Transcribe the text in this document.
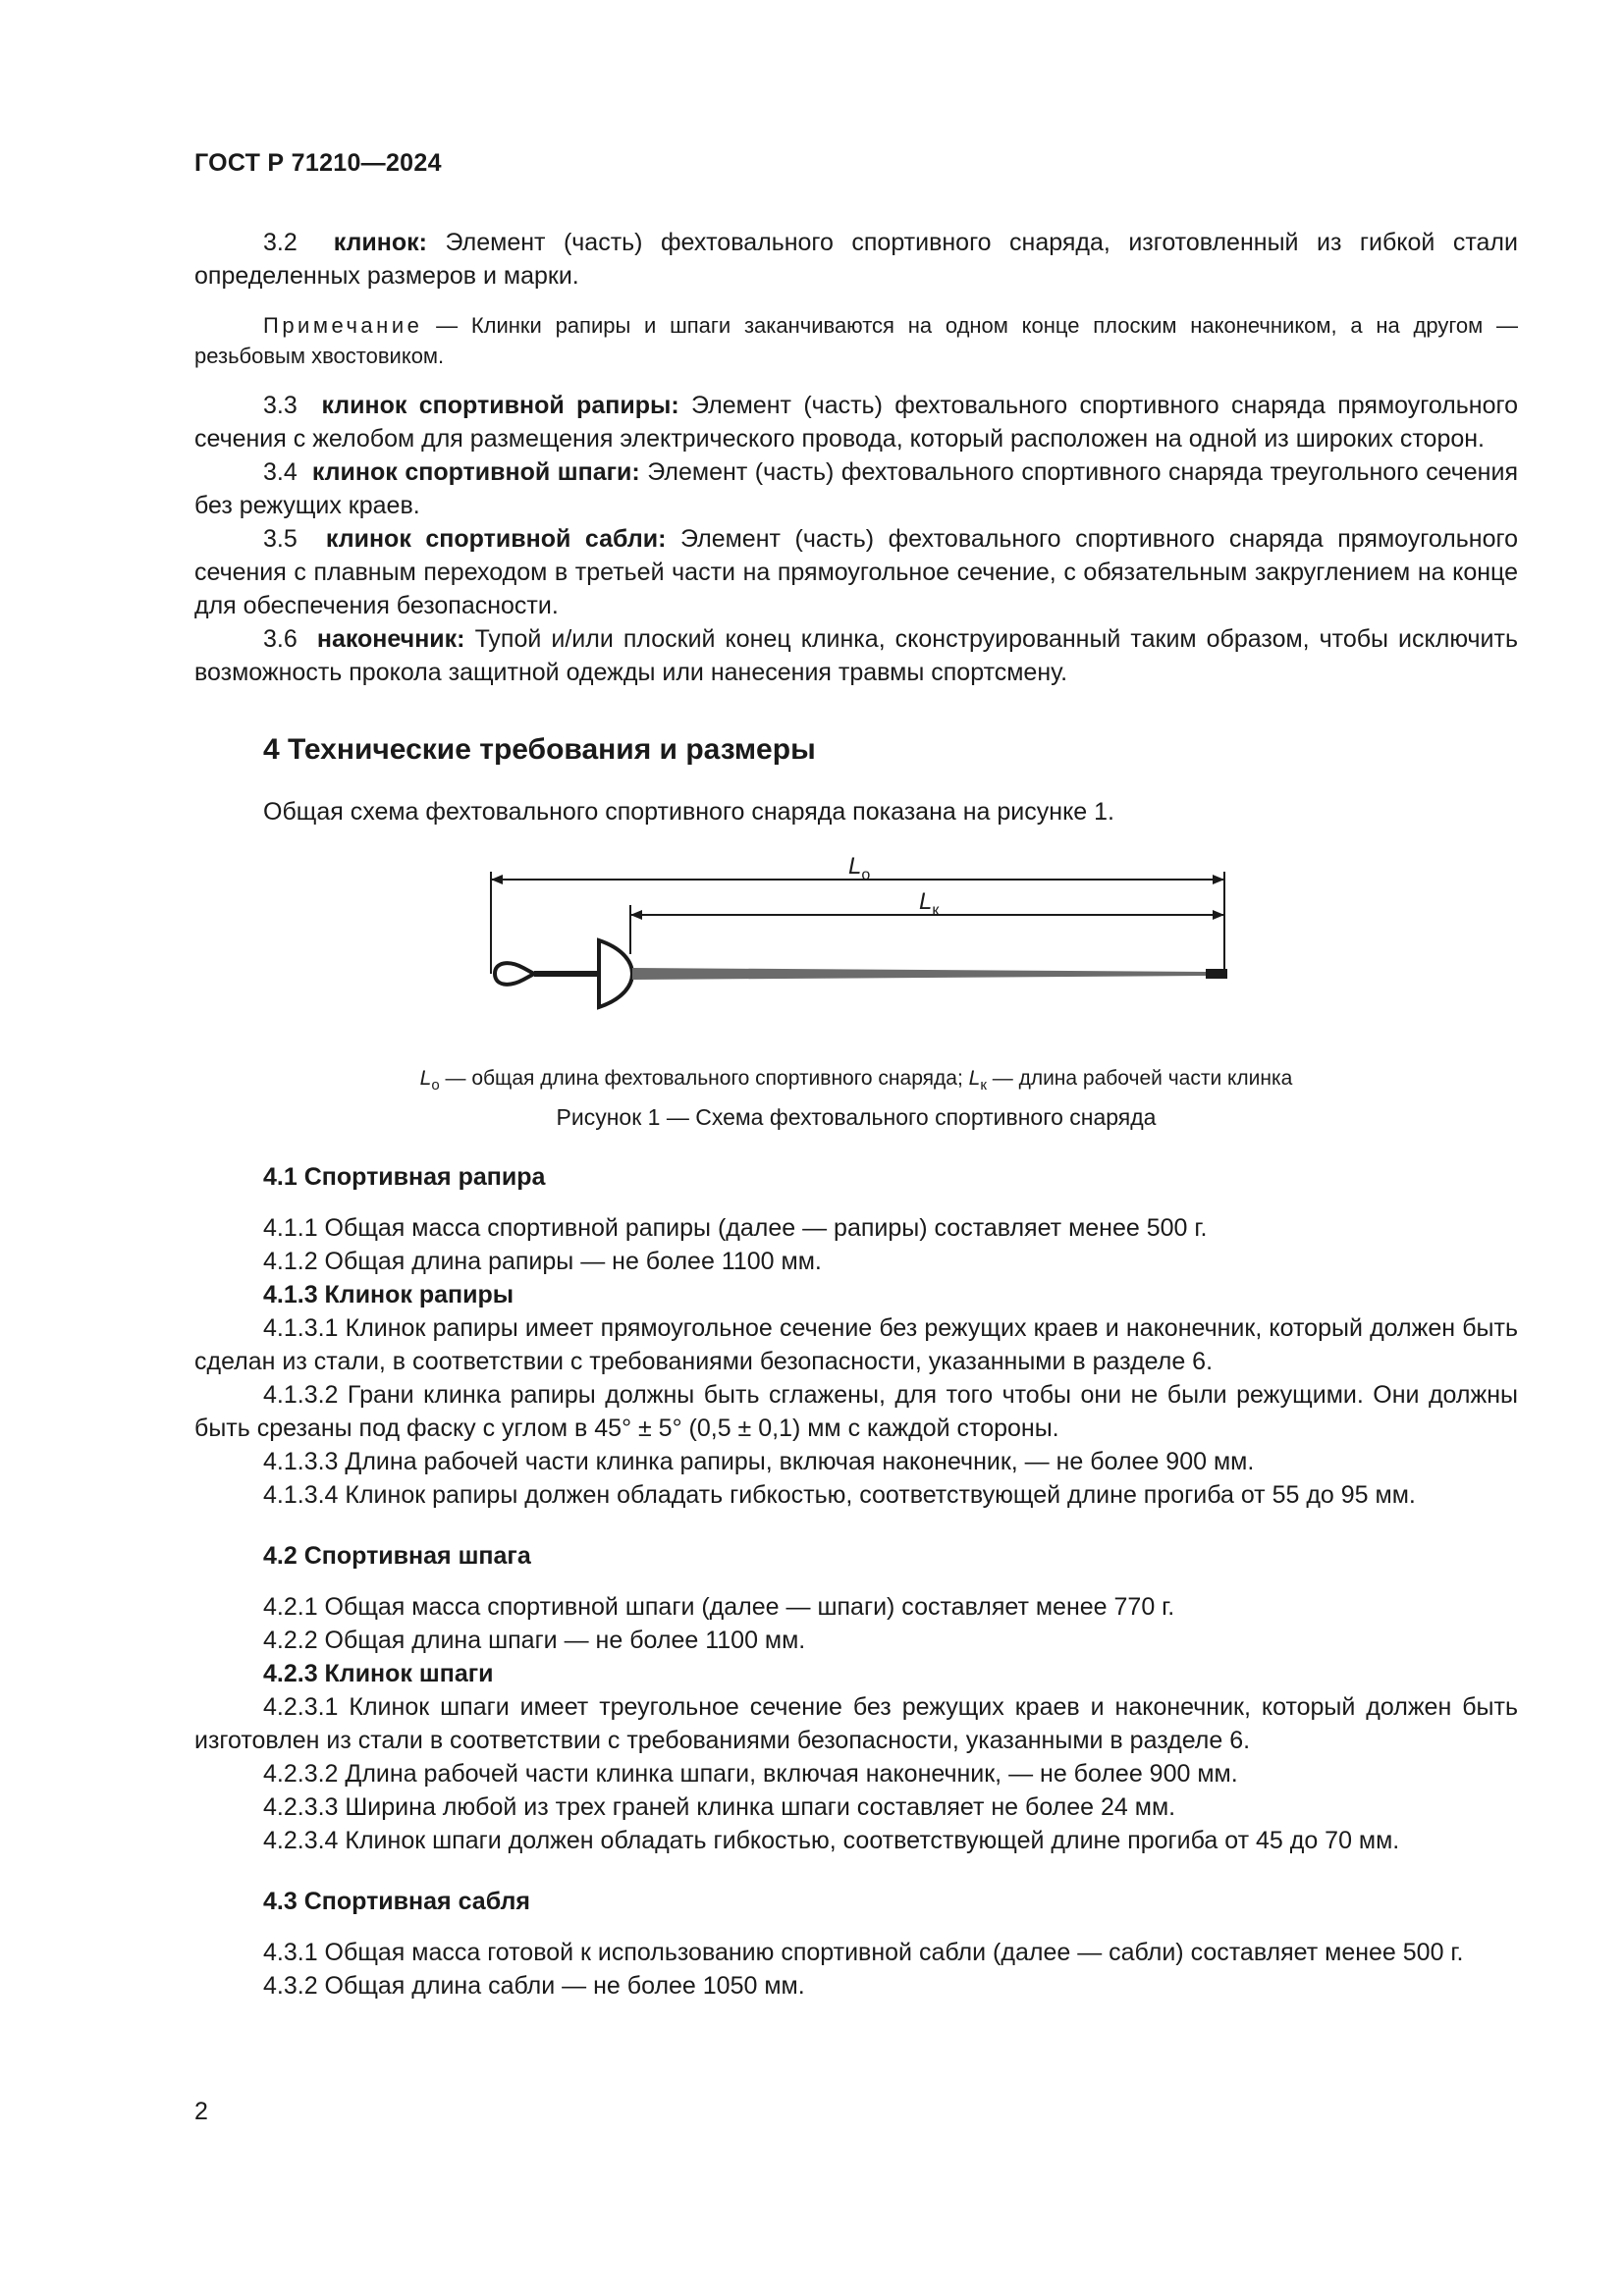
ГОСТ Р 71210—2024

3.2 клинок: Элемент (часть) фехтовального спортивного снаряда, изготовленный из гибкой стали определенных размеров и марки.

Примечание — Клинки рапиры и шпаги заканчиваются на одном конце плоским наконечником, а на другом — резьбовым хвостовиком.

3.3 клинок спортивной рапиры: Элемент (часть) фехтовального спортивного снаряда прямоугольного сечения с желобом для размещения электрического провода, который расположен на одной из широких сторон.

3.4 клинок спортивной шпаги: Элемент (часть) фехтовального спортивного снаряда треугольного сечения без режущих краев.

3.5 клинок спортивной сабли: Элемент (часть) фехтовального спортивного снаряда прямоугольного сечения с плавным переходом в третьей части на прямоугольное сечение, с обязательным закруглением на конце для обеспечения безопасности.

3.6 наконечник: Тупой и/или плоский конец клинка, сконструированный таким образом, чтобы исключить возможность прокола защитной одежды или нанесения травмы спортсмену.

4 Технические требования и размеры

Общая схема фехтовального спортивного снаряда показана на рисунке 1.

$L_о$
$L_к$
$L_о$ — общая длина фехтовального спортивного снаряда; $L_к$ — длина рабочей части клинка
Рисунок 1 — Схема фехтовального спортивного снаряда
4.1 Спортивная рапира

4.1.1 Общая масса спортивной рапиры (далее — рапиры) составляет менее 500 г.

4.1.2 Общая длина рапиры — не более 1100 мм.

4.1.3 Клинок рапиры

4.1.3.1 Клинок рапиры имеет прямоугольное сечение без режущих краев и наконечник, который должен быть сделан из стали, в соответствии с требованиями безопасности, указанными в разделе 6.

4.1.3.2 Грани клинка рапиры должны быть сглажены, для того чтобы они не были режущими. Они должны быть срезаны под фаску с углом в 45° ± 5° (0,5 ± 0,1) мм с каждой стороны.

4.1.3.3 Длина рабочей части клинка рапиры, включая наконечник, — не более 900 мм.

4.1.3.4 Клинок рапиры должен обладать гибкостью, соответствующей длине прогиба от 55 до 95 мм.

4.2 Спортивная шпага

4.2.1 Общая масса спортивной шпаги (далее — шпаги) составляет менее 770 г.

4.2.2 Общая длина шпаги — не более 1100 мм.

4.2.3 Клинок шпаги

4.2.3.1 Клинок шпаги имеет треугольное сечение без режущих краев и наконечник, который должен быть изготовлен из стали в соответствии с требованиями безопасности, указанными в разделе 6.

4.2.3.2 Длина рабочей части клинка шпаги, включая наконечник, — не более 900 мм.

4.2.3.3 Ширина любой из трех граней клинка шпаги составляет не более 24 мм.

4.2.3.4 Клинок шпаги должен обладать гибкостью, соответствующей длине прогиба от 45 до 70 мм.

4.3 Спортивная сабля

4.3.1 Общая масса готовой к использованию спортивной сабли (далее — сабли) составляет менее 500 г.

4.3.2 Общая длина сабли — не более 1050 мм.

2
